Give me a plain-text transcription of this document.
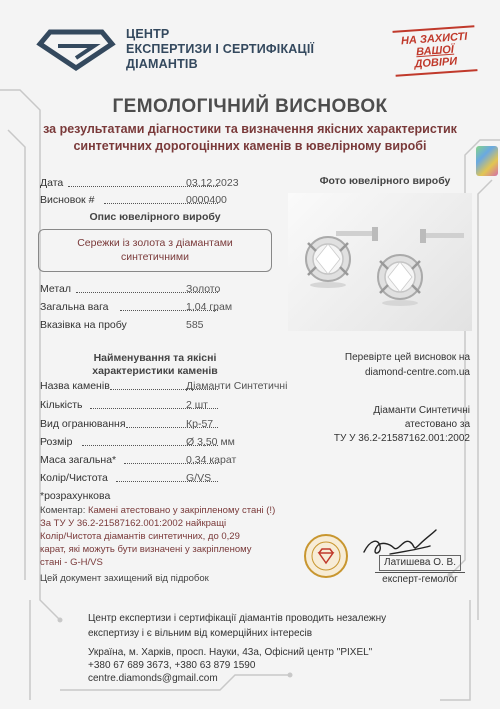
ЦЕНТР
ЕКСПЕРТИЗИ І СЕРТИФІКАЦІЇ
ДІАМАНТІВ
НА ЗАХИСТІ
ВАШОЇ
ДОВІРИ
ГЕМОЛОГІЧНИЙ ВИСНОВОК
за результатами діагностики та визначення якісних характеристик
синтетичних дорогоцінних каменів в ювелірному виробі
Дата	03.12.2023
Висновок #	0000400
Опис ювелірного виробу
Сережки із золота з діамантами
синтетичними
Метал	Золото
Загальна вага	1,04 грам
Вказівка на пробу	585
Фото ювелірного виробу
Найменування та якісні
характеристики каменів
Назва каменів	Діаманти Синтетичні
Кількість	2 шт
Вид огранювання	Кр-57
Розмір	Ø 3,50 мм
Маса загальна*	0,34 карат
Колір/Чистота	G/VS
*розрахункова
Перевірте цей висновок на
diamond-centre.com.ua
Діаманти Синтетичні
атестовано за
ТУ У 36.2-21587162.001:2002
Коментар: Камені атестовано у закріпленому стані (!)
За ТУ У 36.2-21587162.001:2002 найкращі
Колір/Чистота діамантів синтетичних, до 0,29
карат, які можуть бути визначені у закріпленому
стані - G-H/VS
Цей документ захищений від підробок
Латишева О. В.
експерт-гемолог
Центр експертизи і сертифікації діамантів проводить незалежну
експертизу і є вільним від комерційних інтересів
Україна, м. Харків, просп. Науки, 43а, Офісний центр "PIXEL"
+380 67 689 3673, +380 63 879 1590
centre.diamonds@gmail.com
